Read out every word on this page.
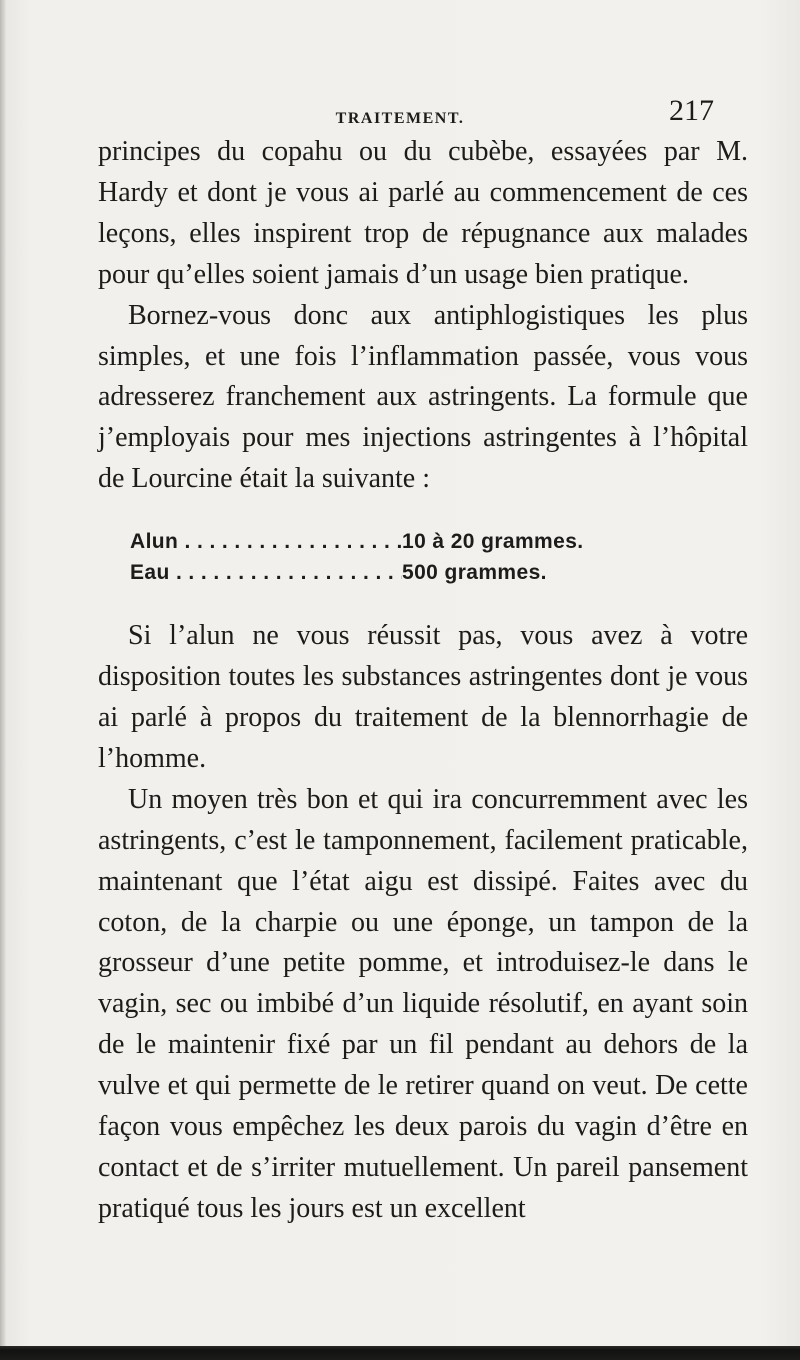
TRAITEMENT.	217

principes du copahu ou du cubèbe, essayées par M. Hardy et dont je vous ai parlé au commencement de ces leçons, elles inspirent trop de répugnance aux malades pour qu’elles soient jamais d’un usage bien pratique.

Bornez-vous donc aux antiphlogistiques les plus simples, et une fois l’inflammation passée, vous vous adresserez franchement aux astringents. La formule que j’employais pour mes injections astringentes à l’hôpital de Lourcine était la suivante :

Alun . . .	10 à 20 grammes.
Eau . . .	500 grammes.

Si l’alun ne vous réussit pas, vous avez à votre disposition toutes les substances astringentes dont je vous ai parlé à propos du traitement de la blennorrhagie de l’homme.

Un moyen très bon et qui ira concurremment avec les astringents, c’est le tamponnement, facilement praticable, maintenant que l’état aigu est dissipé. Faites avec du coton, de la charpie ou une éponge, un tampon de la grosseur d’une petite pomme, et introduisez-le dans le vagin, sec ou imbibé d’un liquide résolutif, en ayant soin de le maintenir fixé par un fil pendant au dehors de la vulve et qui permette de le retirer quand on veut. De cette façon vous empêchez les deux parois du vagin d’être en contact et de s’irriter mutuellement. Un pareil pansement pratiqué tous les jours est un excellent
